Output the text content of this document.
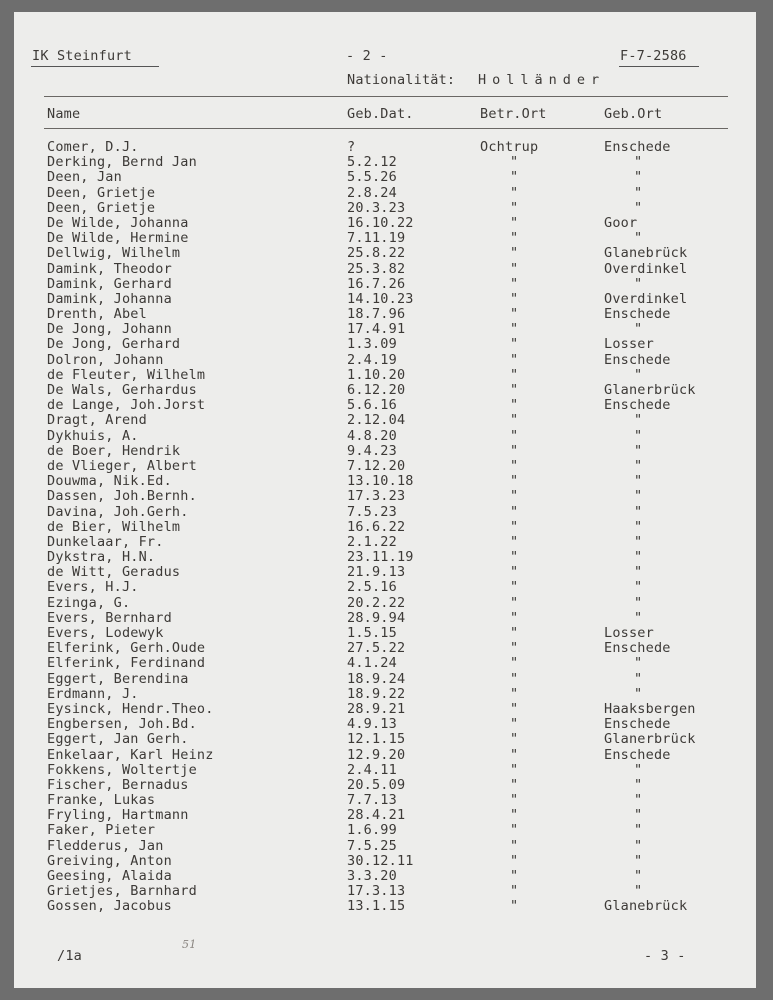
IK Steinfurt	- 2 -	F-7-2586
Nationalität: Holländer
Name	Geb.Dat.	Betr.Ort	Geb.Ort
Comer, D.J.	?	Ochtrup	Enschede
Derking, Bernd Jan	5.2.12	"	"
Deen, Jan	5.5.26	"	"
Deen, Grietje	2.8.24	"	"
Deen, Grietje	20.3.23	"	"
De Wilde, Johanna	16.10.22	"	Goor
De Wilde, Hermine	7.11.19	"	"
Dellwig, Wilhelm	25.8.22	"	Glanebrück
Damink, Theodor	25.3.82	"	Overdinkel
Damink, Gerhard	16.7.26	"	"
Damink, Johanna	14.10.23	"	Overdinkel
Drenth, Abel	18.7.96	"	Enschede
De Jong, Johann	17.4.91	"	"
De Jong, Gerhard	1.3.09	"	Losser
Dolron, Johann	2.4.19	"	Enschede
de Fleuter, Wilhelm	1.10.20	"	"
De Wals, Gerhardus	6.12.20	"	Glanerbrück
de Lange, Joh.Jorst	5.6.16	"	Enschede
Dragt, Arend	2.12.04	"	"
Dykhuis, A.	4.8.20	"	"
de Boer, Hendrik	9.4.23	"	"
de Vlieger, Albert	7.12.20	"	"
Douwma, Nik.Ed.	13.10.18	"	"
Dassen, Joh.Bernh.	17.3.23	"	"
Davina, Joh.Gerh.	7.5.23	"	"
de Bier, Wilhelm	16.6.22	"	"
Dunkelaar, Fr.	2.1.22	"	"
Dykstra, H.N.	23.11.19	"	"
de Witt, Geradus	21.9.13	"	"
Evers, H.J.	2.5.16	"	"
Ezinga, G.	20.2.22	"	"
Evers, Bernhard	28.9.94	"	"
Evers, Lodewyk	1.5.15	"	Losser
Elferink, Gerh.Oude	27.5.22	"	Enschede
Elferink, Ferdinand	4.1.24	"	"
Eggert, Berendina	18.9.24	"	"
Erdmann, J.	18.9.22	"	"
Eysinck, Hendr.Theo.	28.9.21	"	Haaksbergen
Engbersen, Joh.Bd.	4.9.13	"	Enschede
Eggert, Jan Gerh.	12.1.15	"	Glanerbrück
Enkelaar, Karl Heinz	12.9.20	"	Enschede
Fokkens, Woltertje	2.4.11	"	"
Fischer, Bernadus	20.5.09	"	"
Franke, Lukas	7.7.13	"	"
Fryling, Hartmann	28.4.21	"	"
Faker, Pieter	1.6.99	"	"
Fledderus, Jan	7.5.25	"	"
Greiving, Anton	30.12.11	"	"
Geesing, Alaida	3.3.20	"	"
Grietjes, Barnhard	17.3.13	"	"
Gossen, Jacobus	13.1.15	"	Glanebrück
/1a
51
- 3 -
